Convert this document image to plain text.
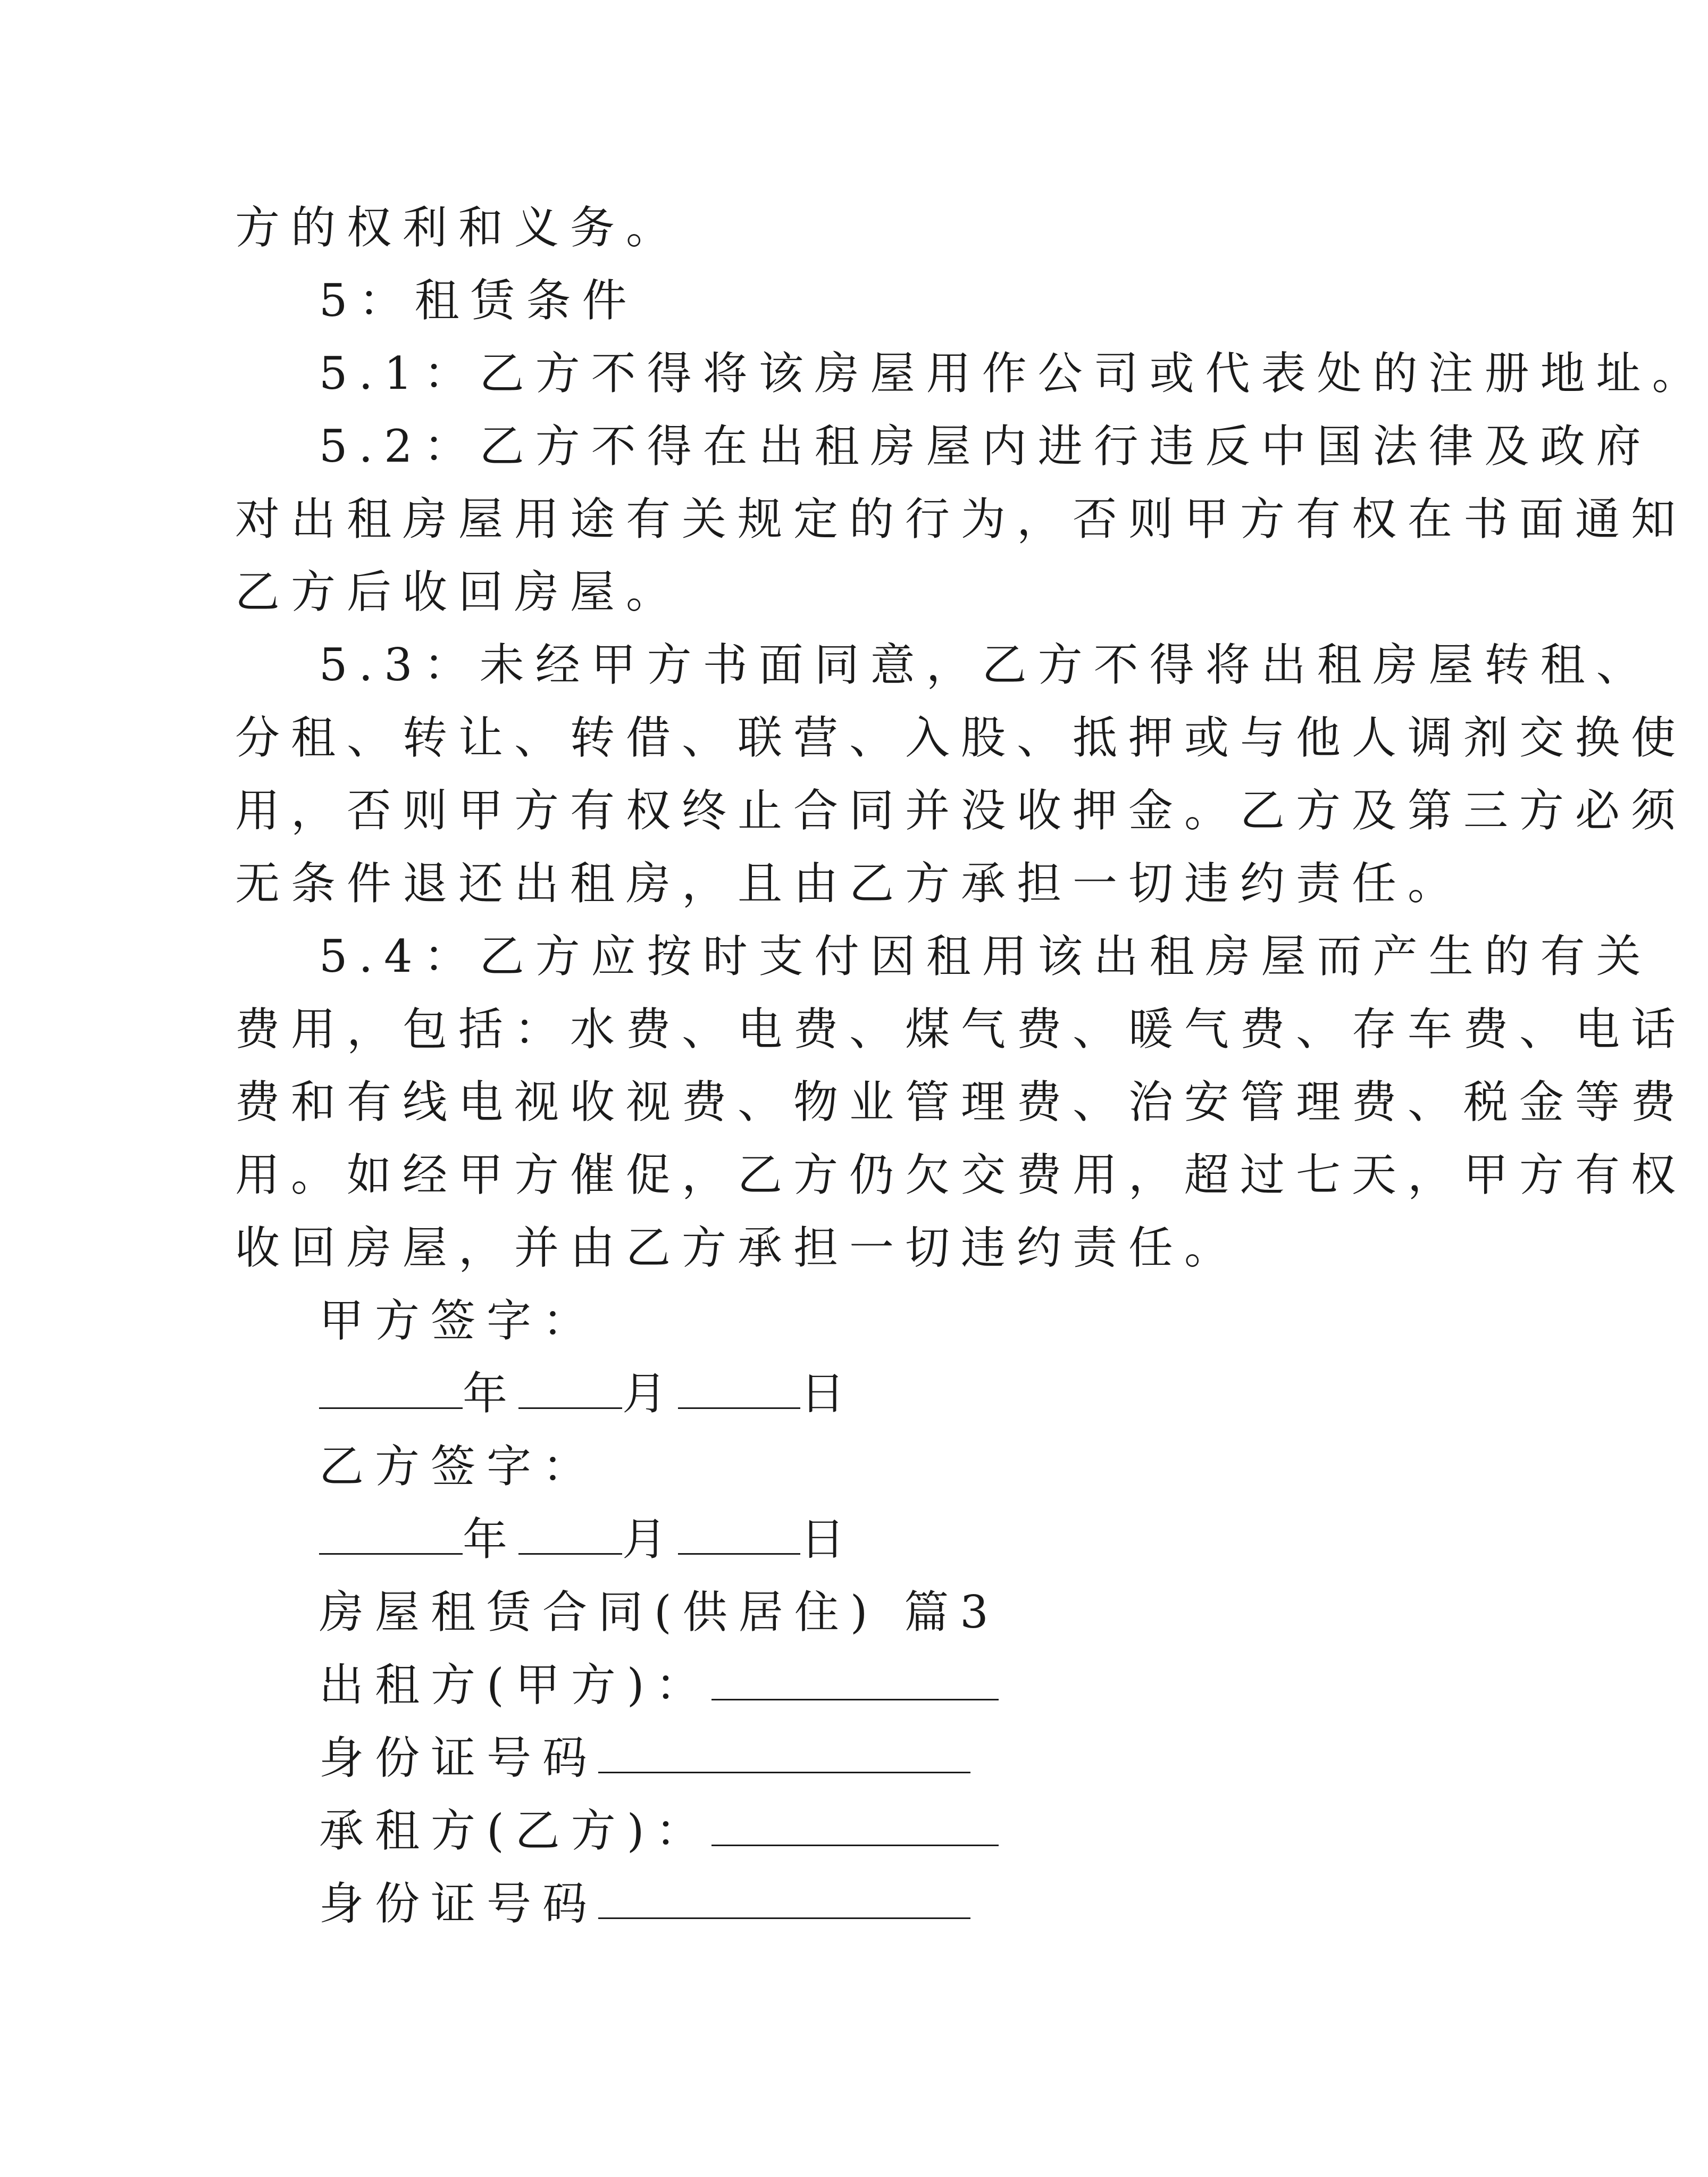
方的权利和义务。
5：租赁条件
5.1：乙方不得将该房屋用作公司或代表处的注册地址。
5.2：乙方不得在出租房屋内进行违反中国法律及政府
对出租房屋用途有关规定的行为，否则甲方有权在书面通知
乙方后收回房屋。
5.3：未经甲方书面同意，乙方不得将出租房屋转租、
分租、转让、转借、联营、入股、抵押或与他人调剂交换使
用，否则甲方有权终止合同并没收押金。乙方及第三方必须
无条件退还出租房，且由乙方承担一切违约责任。
5.4：乙方应按时支付因租用该出租房屋而产生的有关
费用，包括：水费、电费、煤气费、暖气费、存车费、电话
费和有线电视收视费、物业管理费、治安管理费、税金等费
用。如经甲方催促，乙方仍欠交费用，超过七天，甲方有权
收回房屋，并由乙方承担一切违约责任。
甲方签字：
年 月	日
乙方签字：
年 月	日
房屋租赁合同(供居住) 篇3
出租方(甲方)：
身份证号码
承租方(乙方)：
身份证号码
